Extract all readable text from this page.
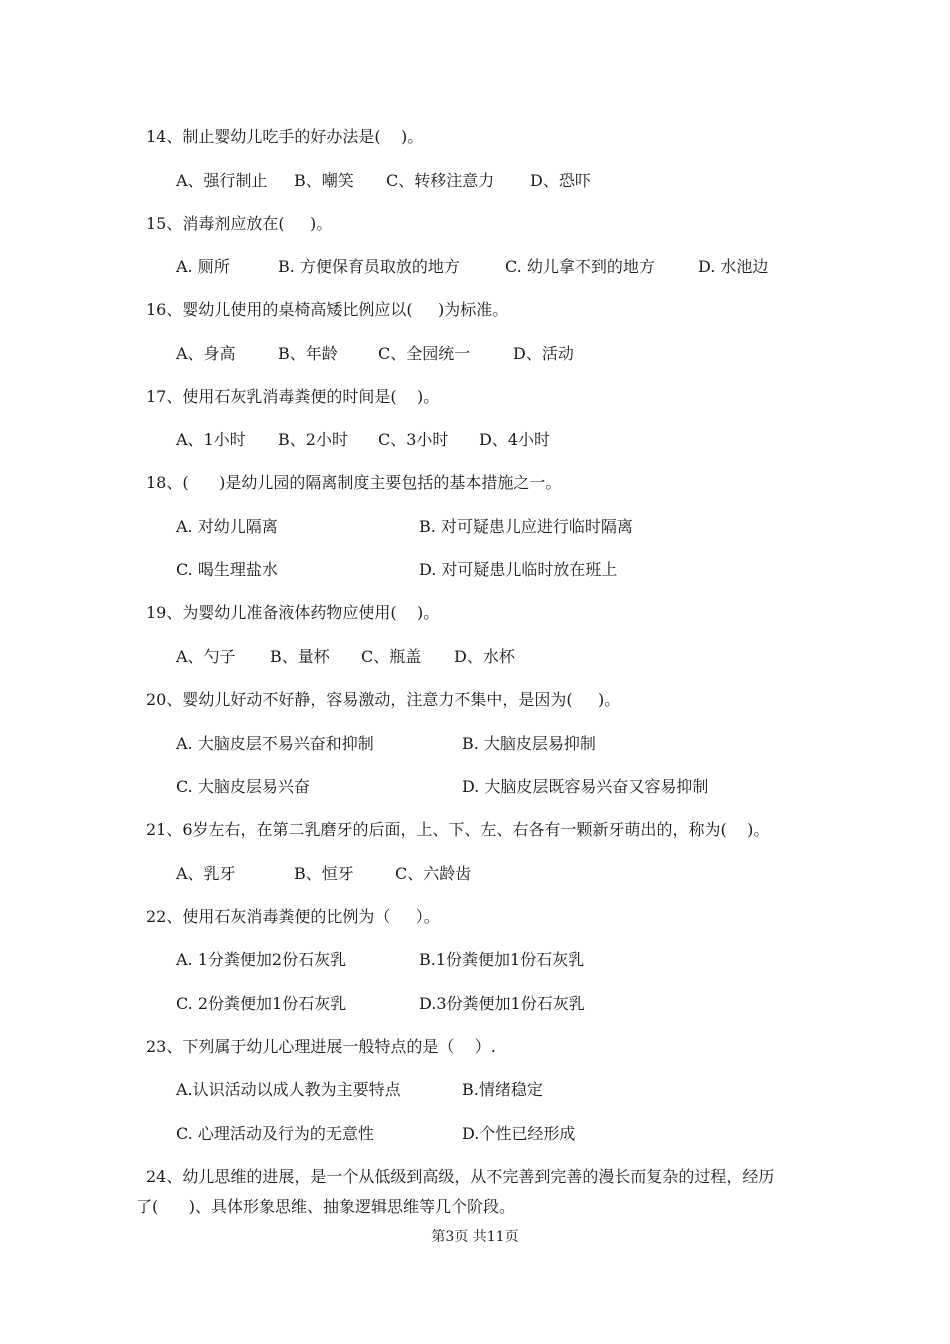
14、制止婴幼儿吃手的好办法是(    )。
A、强行制止 B、嘲笑 C、转移注意力 D、恐吓
15、消毒剂应放在(     )。
A. 厕所	B. 方便保育员取放的地方	C. 幼儿拿不到的地方	D. 水池边
16、婴幼儿使用的桌椅高矮比例应以(     )为标准。
A、身高	B、年龄	C、全园统一	D、活动
17、使用石灰乳消毒粪便的时间是(    )。
A、1小时 B、2小时 C、3小时 D、4小时
18、(      )是幼儿园的隔离制度主要包括的基本措施之一。
A. 对幼儿隔离	B. 对可疑患儿应进行临时隔离
C. 喝生理盐水	D. 对可疑患儿临时放在班上
19、为婴幼儿准备液体药物应使用(    )。
A、勺子 B、量杯 C、瓶盖 D、水杯
20、婴幼儿好动不好静，容易激动，注意力不集中，是因为(     )。
A. 大脑皮层不易兴奋和抑制	B. 大脑皮层易抑制
C. 大脑皮层易兴奋	D. 大脑皮层既容易兴奋又容易抑制
21、6岁左右，在第二乳磨牙的后面，上、下、左、右各有一颗新牙萌出的，称为(    )。
A、乳牙	B、恒牙	C、六龄齿
22、使用石灰消毒粪便的比例为（     ）。
A. 1分粪便加2份石灰乳	B.1份粪便加1份石灰乳
C. 2份粪便加1份石灰乳	D.3份粪便加1份石灰乳
23、下列属于幼儿心理进展一般特点的是（    ）.
A.认识活动以成人教为主要特点	B.情绪稳定
C. 心理活动及行为的无意性	D.个性已经形成
24、幼儿思维的进展，是一个从低级到高级，从不完善到完善的漫长而复杂的过程，经历
了(      )、具体形象思维、抽象逻辑思维等几个阶段。
第3页 共11页
